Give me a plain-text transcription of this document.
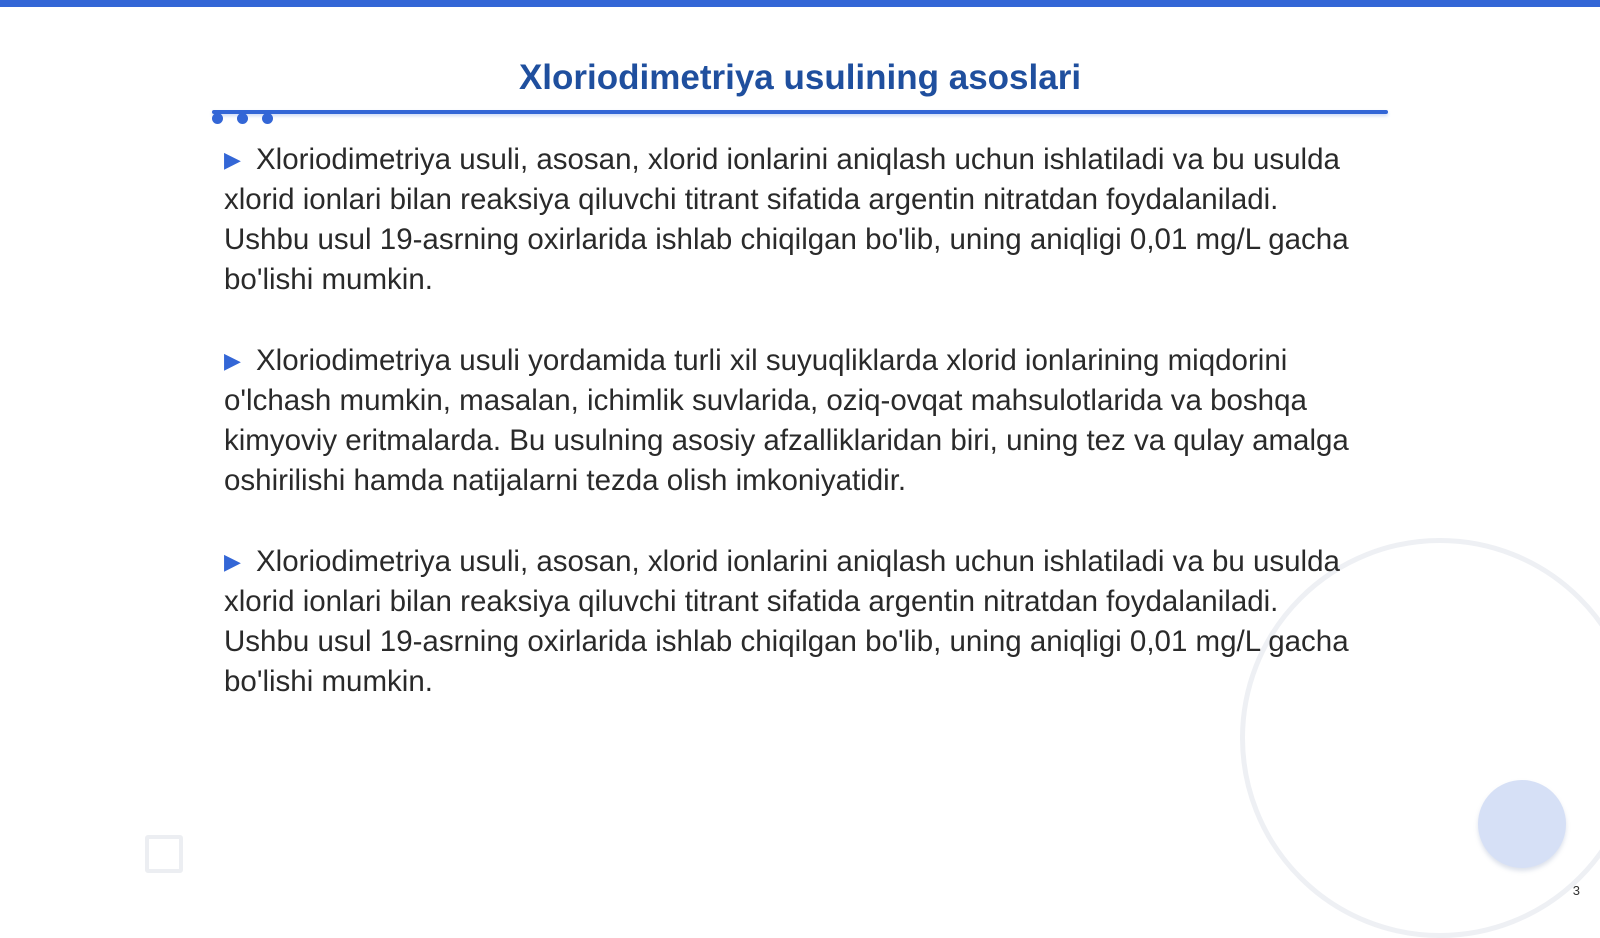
Xloriodimetriya usulining asoslari

▶ Xloriodimetriya usuli, asosan, xlorid ionlarini aniqlash uchun ishlatiladi va bu usulda xlorid ionlari bilan reaksiya qiluvchi titrant sifatida argentin nitratdan foydalaniladi. Ushbu usul 19-asrning oxirlarida ishlab chiqilgan bo'lib, uning aniqligi 0,01 mg/L gacha bo'lishi mumkin.

▶ Xloriodimetriya usuli yordamida turli xil suyuqliklarda xlorid ionlarining miqdorini o'lchash mumkin, masalan, ichimlik suvlarida, oziq-ovqat mahsulotlarida va boshqa kimyoviy eritmalarda. Bu usulning asosiy afzalliklaridan biri, uning tez va qulay amalga oshirilishi hamda natijalarni tezda olish imkoniyatidir.

▶ Xloriodimetriya usuli, asosan, xlorid ionlarini aniqlash uchun ishlatiladi va bu usulda xlorid ionlari bilan reaksiya qiluvchi titrant sifatida argentin nitratdan foydalaniladi. Ushbu usul 19-asrning oxirlarida ishlab chiqilgan bo'lib, uning aniqligi 0,01 mg/L gacha bo'lishi mumkin.

3
